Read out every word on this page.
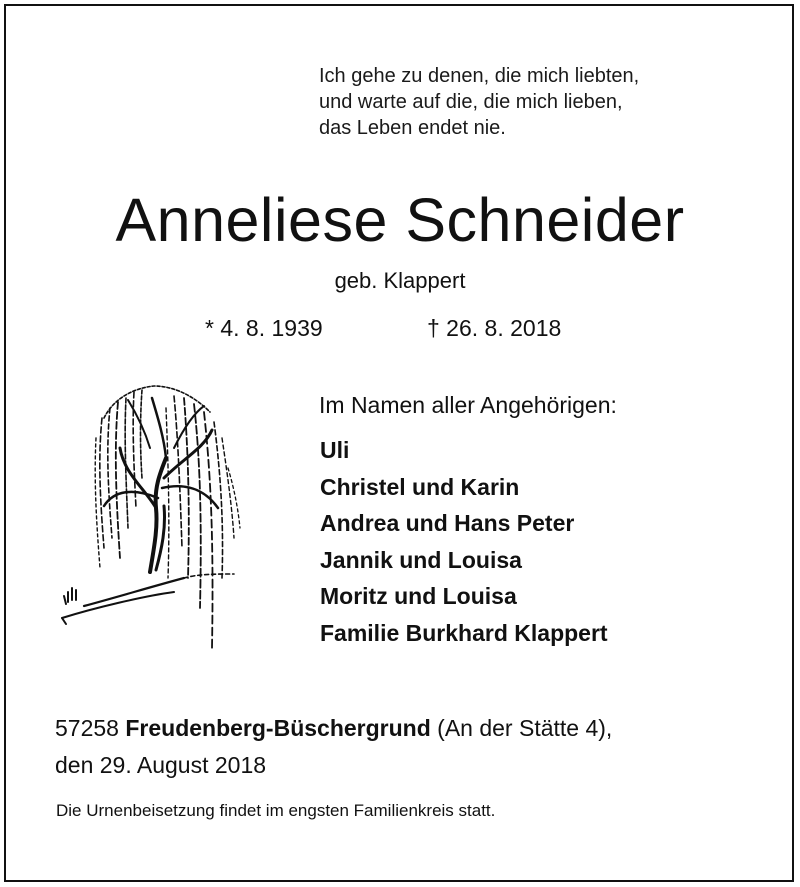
Ich gehe zu denen, die mich liebten,
und warte auf die, die mich lieben,
das Leben endet nie.
Anneliese Schneider
geb. Klappert
* 4. 8. 1939	† 26. 8. 2018
Im Namen aller Angehörigen:
Uli
Christel und Karin
Andrea und Hans Peter
Jannik und Louisa
Moritz und Louisa
Familie Burkhard Klappert
57258 Freudenberg-Büschergrund (An der Stätte 4),
den 29. August 2018
Die Urnenbeisetzung findet im engsten Familienkreis statt.
